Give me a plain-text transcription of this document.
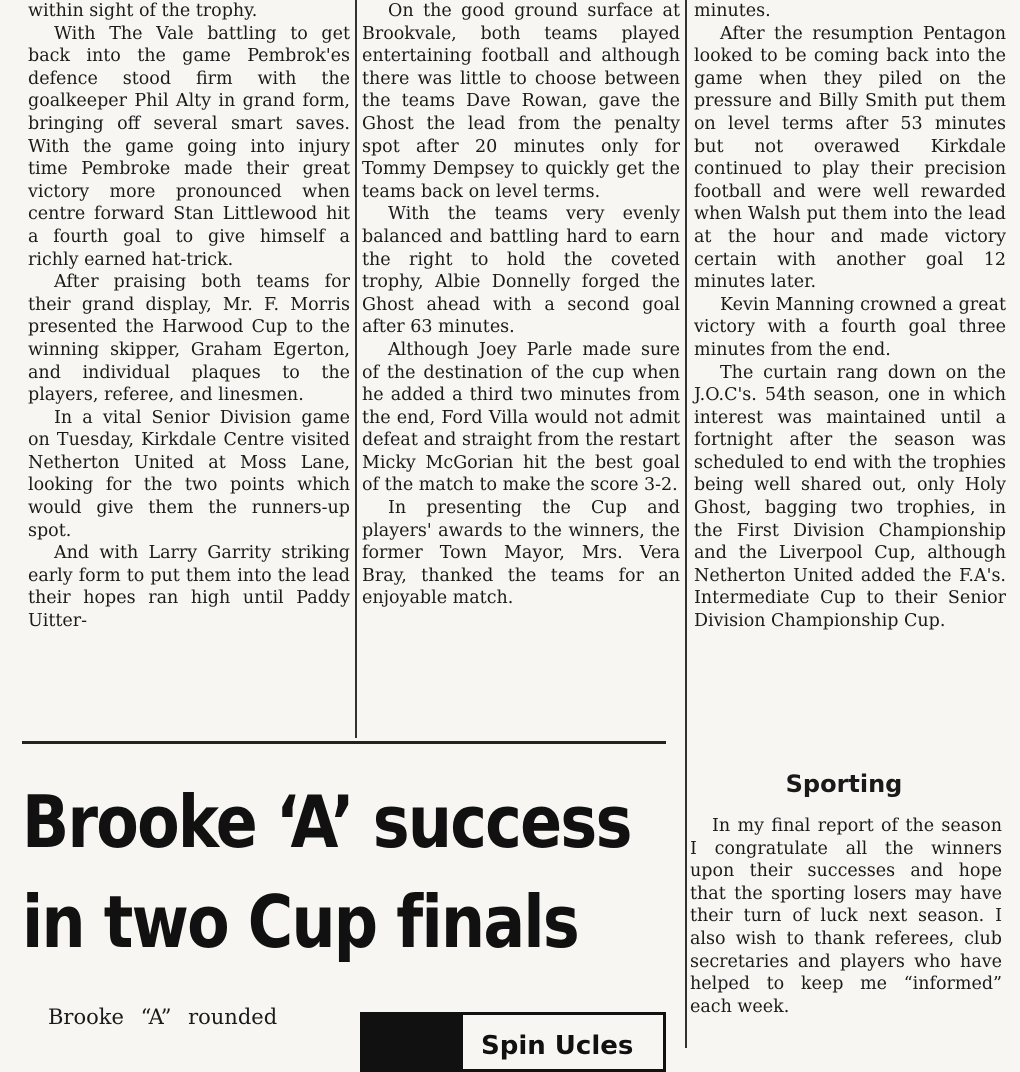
within sight of the trophy.

With The Vale battling to get back into the game Pembrok'es defence stood firm with the goalkeeper Phil Alty in grand form, bringing off several smart saves. With the game going into injury time Pembroke made their great victory more pronounced when centre forward Stan Littlewood hit a fourth goal to give himself a richly earned hat-trick.

After praising both teams for their grand display, Mr. F. Morris presented the Harwood Cup to the winning skipper, Graham Egerton, and individual plaques to the players, referee, and linesmen.

In a vital Senior Division game on Tuesday, Kirkdale Centre visited Netherton United at Moss Lane, looking for the two points which would give them the runners-up spot.

And with Larry Garrity striking early form to put them into the lead their hopes ran high until Paddy Uitter-

On the good ground surface at Brookvale, both teams played entertaining football and although there was little to choose between the teams Dave Rowan, gave the Ghost the lead from the penalty spot after 20 minutes only for Tommy Dempsey to quickly get the teams back on level terms.

With the teams very evenly balanced and battling hard to earn the right to hold the coveted trophy, Albie Donnelly forged the Ghost ahead with a second goal after 63 minutes.

Although Joey Parle made sure of the destination of the cup when he added a third two minutes from the end, Ford Villa would not admit defeat and straight from the restart Micky McGorian hit the best goal of the match to make the score 3-2.

In presenting the Cup and players' awards to the winners, the former Town Mayor, Mrs. Vera Bray, thanked the teams for an enjoyable match.

minutes.

After the resumption Pentagon looked to be coming back into the game when they piled on the pressure and Billy Smith put them on level terms after 53 minutes but not overawed Kirkdale continued to play their precision football and were well rewarded when Walsh put them into the lead at the hour and made victory certain with another goal 12 minutes later.

Kevin Manning crowned a great victory with a fourth goal three minutes from the end.

The curtain rang down on the J.O.C's. 54th season, one in which interest was maintained until a fortnight after the season was scheduled to end with the trophies being well shared out, only Holy Ghost, bagging two trophies, in the First Division Championship and the Liverpool Cup, although Netherton United added the F.A's. Intermediate Cup to their Senior Division Championship Cup.

Brooke ‘A’ success
in two Cup finals
Brooke “A” rounded
Spin Ucles
Sporting

In my final report of the season I congratulate all the winners upon their successes and hope that the sporting losers may have their turn of luck next season. I also wish to thank referees, club secretaries and players who have helped to keep me “informed” each week.
